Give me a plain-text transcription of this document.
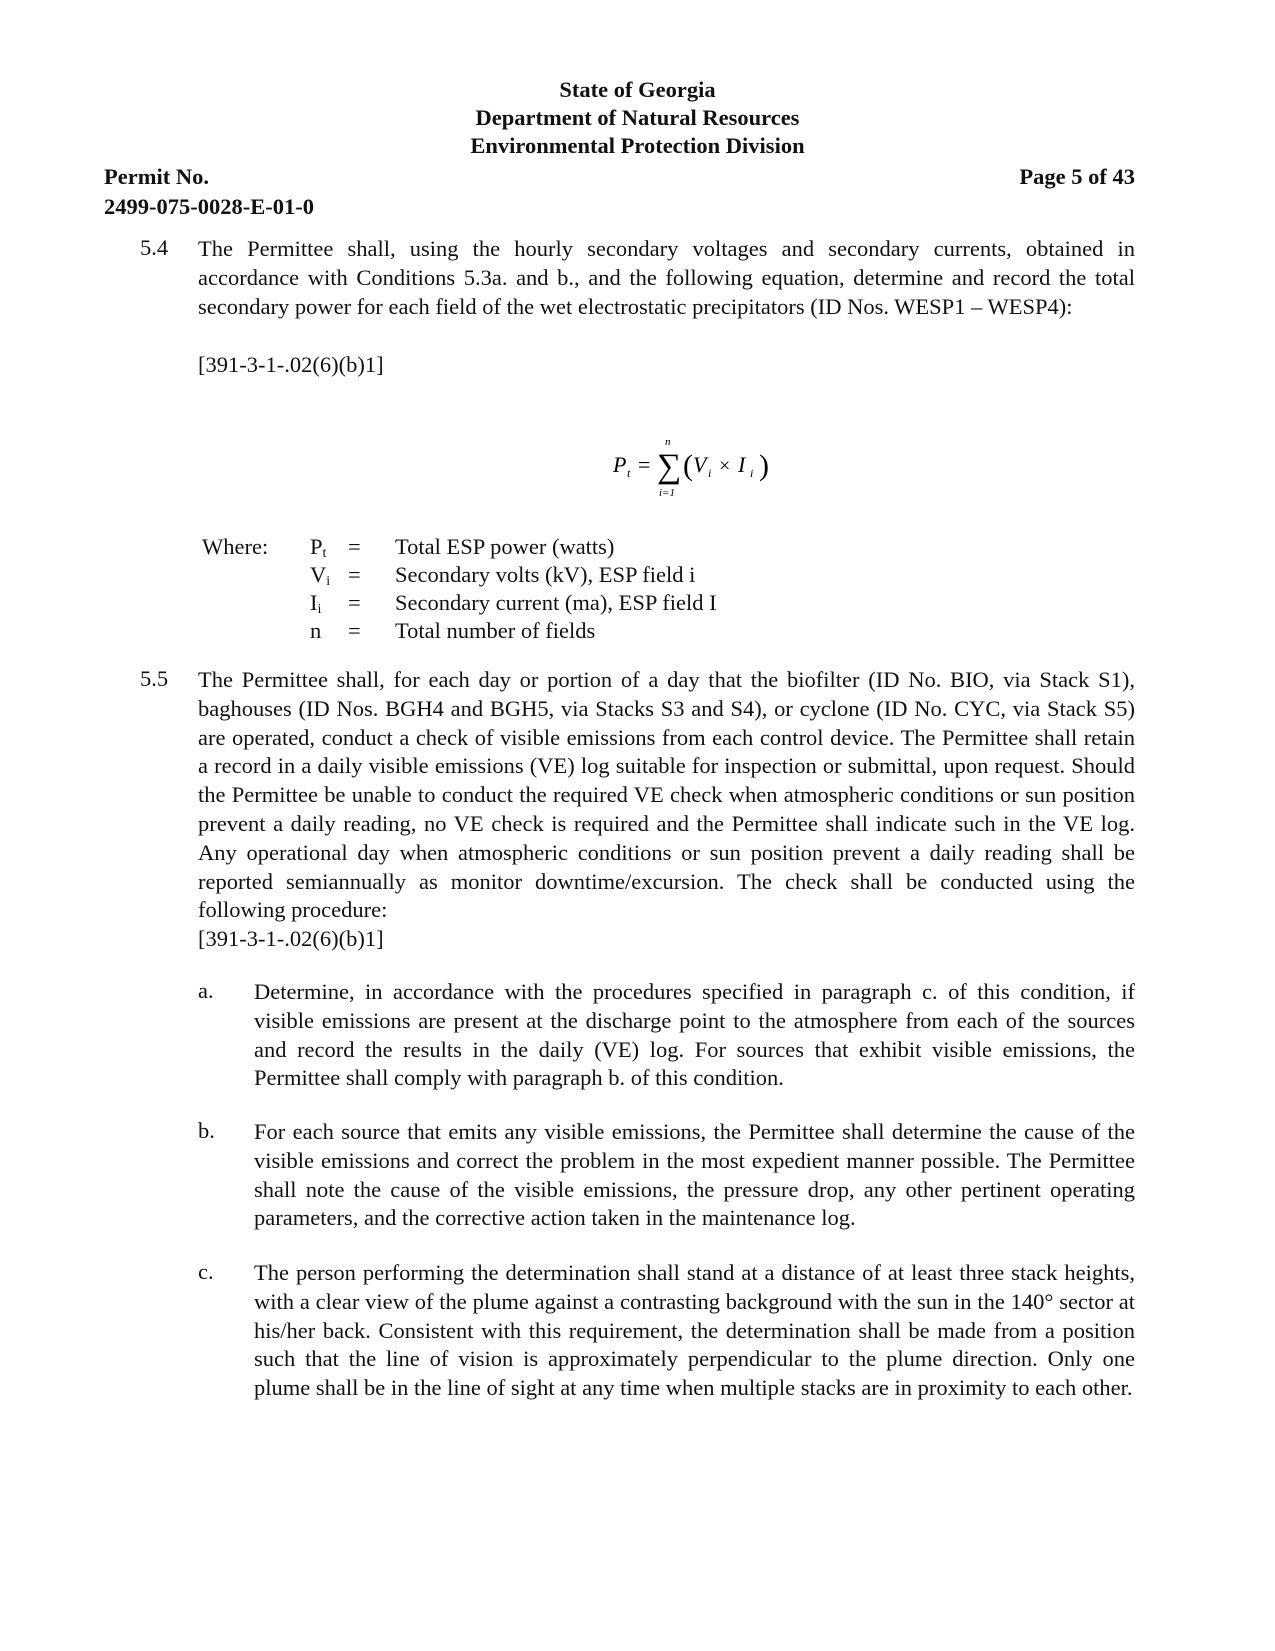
State of Georgia
Department of Natural Resources
Environmental Protection Division
Permit No.
2499-075-0028-E-01-0
Page 5 of 43
5.4 The Permittee shall, using the hourly secondary voltages and secondary currents, obtained in accordance with Conditions 5.3a. and b., and the following equation, determine and record the total secondary power for each field of the wet electrostatic precipitators (ID Nos. WESP1 – WESP4):
[391-3-1-.02(6)(b)1]
P t = ∑
n
i=1
( V i × I i )
Where: $P_t$ = Total ESP power (watts)
$V_i$ = Secondary volts (kV), ESP field i
$I_i$ = Secondary current (ma), ESP field I
n = Total number of fields
5.5 The Permittee shall, for each day or portion of a day that the biofilter (ID No. BIO, via Stack S1), baghouses (ID Nos. BGH4 and BGH5, via Stacks S3 and S4), or cyclone (ID No. CYC, via Stack S5) are operated, conduct a check of visible emissions from each control device. The Permittee shall retain a record in a daily visible emissions (VE) log suitable for inspection or submittal, upon request. Should the Permittee be unable to conduct the required VE check when atmospheric conditions or sun position prevent a daily reading, no VE check is required and the Permittee shall indicate such in the VE log. Any operational day when atmospheric conditions or sun position prevent a daily reading shall be reported semiannually as monitor downtime/excursion. The check shall be conducted using the following procedure:
[391-3-1-.02(6)(b)1]
a. Determine, in accordance with the procedures specified in paragraph c. of this condition, if visible emissions are present at the discharge point to the atmosphere from each of the sources and record the results in the daily (VE) log. For sources that exhibit visible emissions, the Permittee shall comply with paragraph b. of this condition.
b. For each source that emits any visible emissions, the Permittee shall determine the cause of the visible emissions and correct the problem in the most expedient manner possible. The Permittee shall note the cause of the visible emissions, the pressure drop, any other pertinent operating parameters, and the corrective action taken in the maintenance log.
c. The person performing the determination shall stand at a distance of at least three stack heights, with a clear view of the plume against a contrasting background with the sun in the 140° sector at his/her back. Consistent with this requirement, the determination shall be made from a position such that the line of vision is approximately perpendicular to the plume direction. Only one plume shall be in the line of sight at any time when multiple stacks are in proximity to each other.
